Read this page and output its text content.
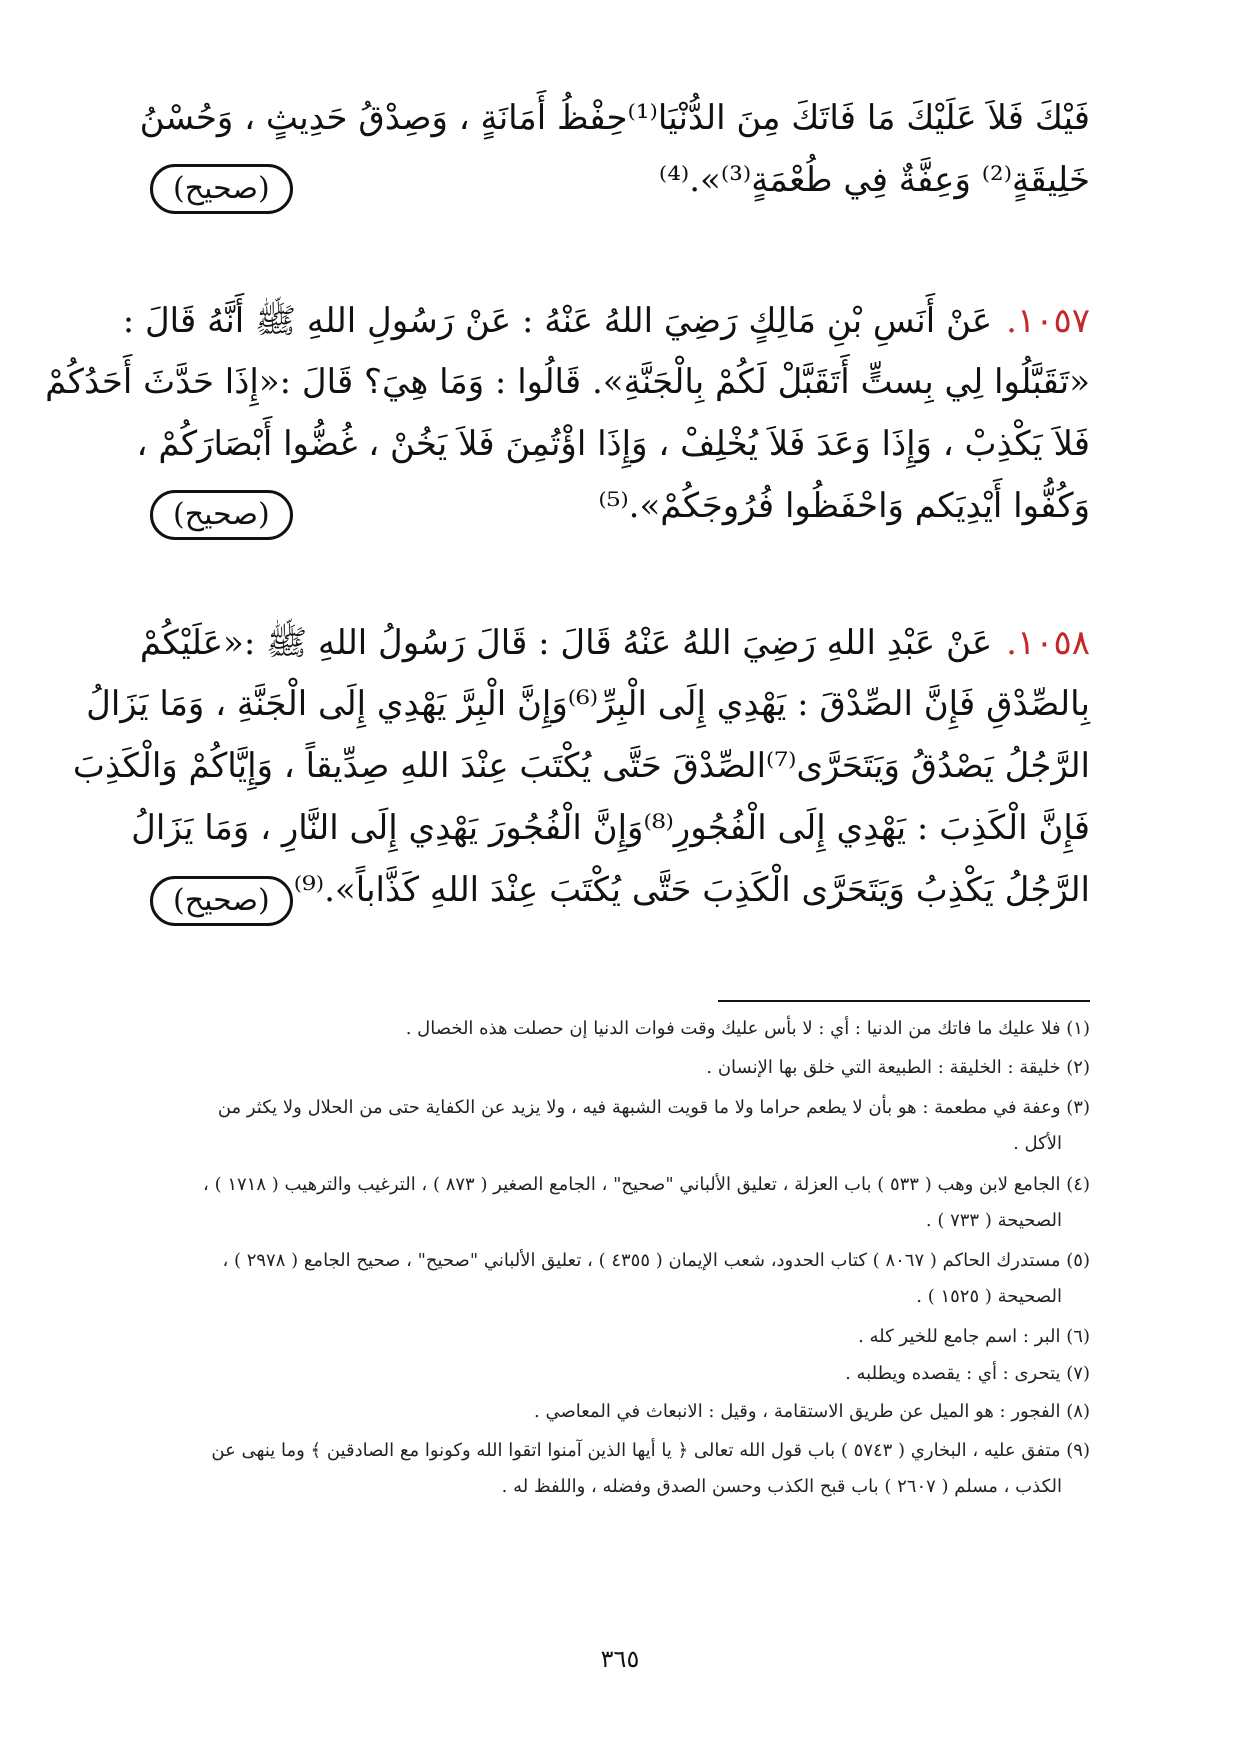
فَيْكَ فَلاَ عَلَيْكَ مَا فَاتَكَ مِنَ الدُّنْيَا⁽¹⁾حِفْظُ أَمَانَةٍ ، وَصِدْقُ حَدِيثٍ ، وَحُسْنُ
خَلِيقَةٍ⁽²⁾ وَعِفَّةٌ فِي طُعْمَةٍ⁽³⁾».⁽⁴⁾
(صحيح)
١٠٥٧.عَنْ أَنَسِ بْنِ مَالِكٍ رَضِيَ اللهُ عَنْهُ : عَنْ رَسُولِ اللهِ ﷺ أَنَّهُ قَالَ :
«تَقَبَّلُوا لِي بِستٍّ أَتَقَبَّلْ لَكُمْ بِالْجَنَّةِ». قَالُوا : وَمَا هِيَ؟ قَالَ :«إِذَا حَدَّثَ أَحَدُكُمْ
فَلاَ يَكْذِبْ ، وَإِذَا وَعَدَ فَلاَ يُخْلِفْ ، وَإِذَا اؤْتُمِنَ فَلاَ يَخُنْ ، غُضُّوا أَبْصَارَكُمْ ،
وَكُفُّوا أَيْدِيَكم وَاحْفَظُوا فُرُوجَكُمْ».⁽⁵⁾
(صحيح)
١٠٥٨.عَنْ عَبْدِ اللهِ رَضِيَ اللهُ عَنْهُ قَالَ : قَالَ رَسُولُ اللهِ ﷺ :«عَلَيْكُمْ
بِالصِّدْقِ فَإِنَّ الصِّدْقَ : يَهْدِي إِلَى الْبِرِّ⁽⁶⁾وَإِنَّ الْبِرَّ يَهْدِي إِلَى الْجَنَّةِ ، وَمَا يَزَالُ
الرَّجُلُ يَصْدُقُ وَيَتَحَرَّى⁽⁷⁾الصِّدْقَ حَتَّى يُكْتَبَ عِنْدَ اللهِ صِدِّيقاً ، وَإِيَّاكُمْ وَالْكَذِبَ
فَإِنَّ الْكَذِبَ : يَهْدِي إِلَى الْفُجُورِ⁽⁸⁾وَإِنَّ الْفُجُورَ يَهْدِي إِلَى النَّارِ ، وَمَا يَزَالُ
الرَّجُلُ يَكْذِبُ وَيَتَحَرَّى الْكَذِبَ حَتَّى يُكْتَبَ عِنْدَ اللهِ كَذَّاباً».⁽⁹⁾
(صحيح)
(١) فلا عليك ما فاتك من الدنيا : أي : لا بأس عليك وقت فوات الدنيا إن حصلت هذه الخصال .
(٢) خليقة : الخليقة : الطبيعة التي خلق بها الإنسان .
(٣) وعفة في مطعمة : هو بأن لا يطعم حراما ولا ما قويت الشبهة فيه ، ولا يزيد عن الكفاية حتى من الحلال ولا يكثر من
الأكل .
(٤) الجامع لابن وهب ( ٥٣٣ ) باب العزلة ، تعليق الألباني "صحيح" ، الجامع الصغير ( ٨٧٣ ) ، الترغيب والترهيب ( ١٧١٨ ) ،
الصحيحة ( ٧٣٣ ) .
(٥) مستدرك الحاكم ( ٨٠٦٧ ) كتاب الحدود، شعب الإيمان ( ٤٣٥٥ ) ، تعليق الألباني "صحيح" ، صحيح الجامع ( ٢٩٧٨ ) ،
الصحيحة ( ١٥٢٥ ) .
(٦) البر : اسم جامع للخير كله .
(٧) يتحرى : أي : يقصده ويطلبه .
(٨) الفجور : هو الميل عن طريق الاستقامة ، وقيل : الانبعاث في المعاصي .
(٩) متفق عليه ، البخاري ( ٥٧٤٣ ) باب قول الله تعالى ﴿ يا أيها الذين آمنوا اتقوا الله وكونوا مع الصادقين ﴾ وما ينهى عن
الكذب ، مسلم ( ٢٦٠٧ ) باب قبح الكذب وحسن الصدق وفضله ، واللفظ له .
٣٦٥
